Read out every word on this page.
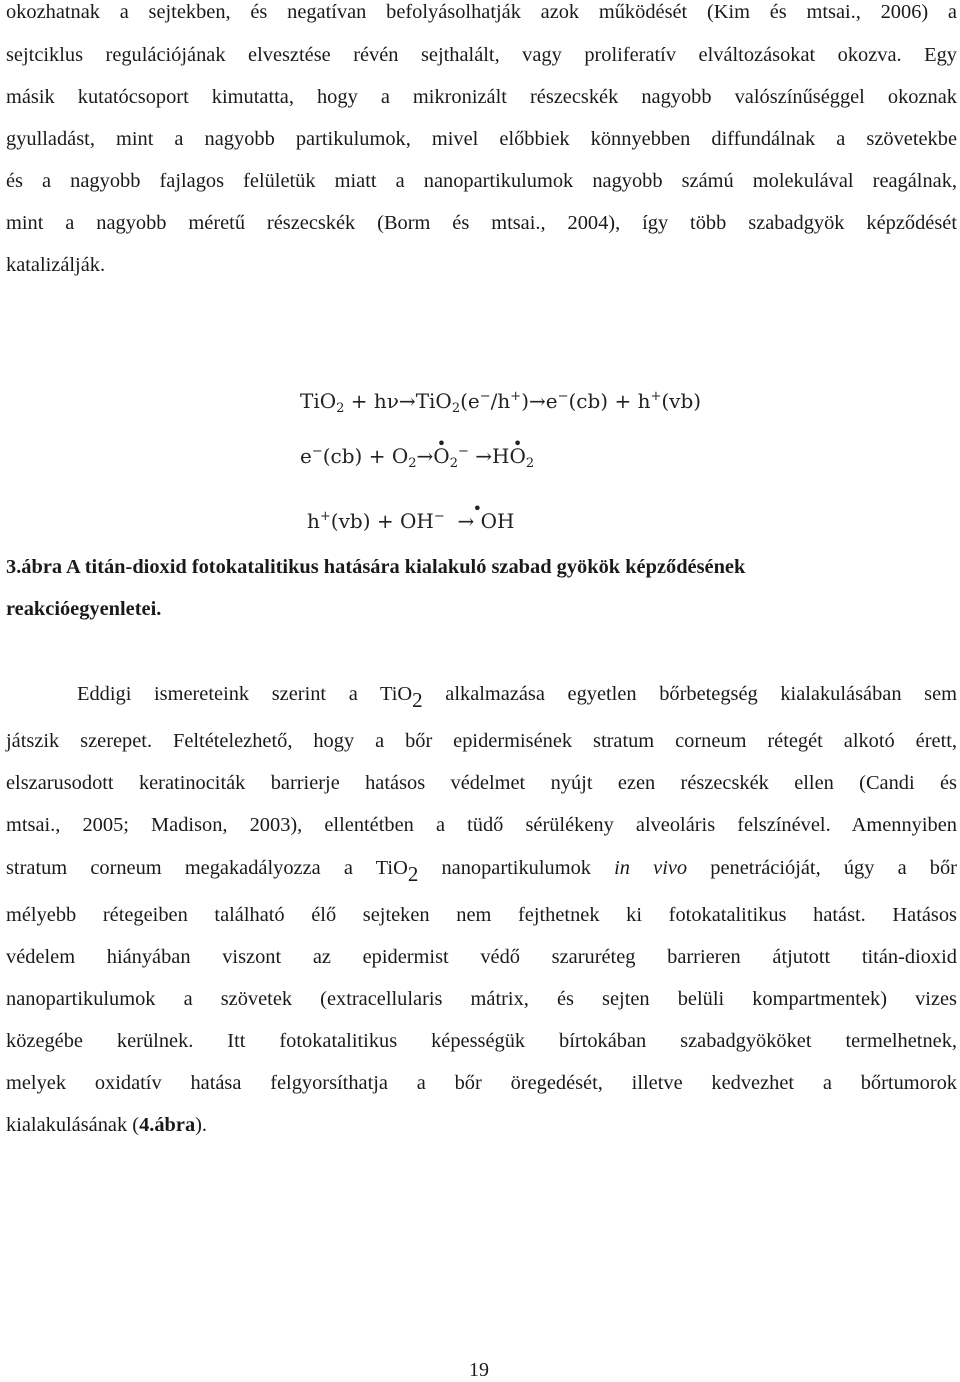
okozhatnak a sejtekben, és negatívan befolyásolhatják azok működését (Kim és mtsai., 2006) a
sejtciklus regulációjának elvesztése révén sejthalált, vagy proliferatív elváltozásokat okozva. Egy
másik kutatócsoport kimutatta, hogy a mikronizált részecskék nagyobb valószínűséggel okoznak
gyulladást, mint a nagyobb partikulumok, mivel előbbiek könnyebben diffundálnak a szövetekbe
és a nagyobb fajlagos felületük miatt a nanopartikulumok nagyobb számú molekulával reagálnak,
mint a nagyobb méretű részecskék (Borm és mtsai., 2004), így több szabadgyök képződését
katalizálják.
TiO$_2$ + hν→TiO$_2$(e−/h+)→e−(cb) + h+(vb)
$e^-(cb) + O_2\to•$ $O_2^-$ →H• $O_2$
h+(vb) + OH−  →• OH
3.ábra A titán-dioxid fotokatalitikus hatására kialakuló szabad gyökök képződésének
reakcióegyenletei.
Eddigi ismereteink szerint a TiO2 alkalmazása egyetlen bőrbetegség kialakulásában sem
játszik szerepet. Feltételezhető, hogy a bőr epidermisének stratum corneum rétegét alkotó érett,
elszarusodott keratinociták barrierje hatásos védelmet nyújt ezen részecskék ellen (Candi és
mtsai., 2005; Madison, 2003), ellentétben a tüdő sérülékeny alveoláris felszínével. Amennyiben
stratum corneum megakadályozza a TiO2 nanopartikulumok in vivo penetrációját, úgy a bőr
mélyebb rétegeiben található élő sejteken nem fejthetnek ki fotokatalitikus hatást. Hatásos
védelem hiányában viszont az epidermist védő szaruréteg barrieren átjutott titán-dioxid
nanopartikulumok a szövetek (extracellularis mátrix, és sejten belüli kompartmentek) vizes
közegébe kerülnek. Itt fotokatalitikus képességük bírtokában szabadgyököket termelhetnek,
melyek oxidatív hatása felgyorsíthatja a bőr öregedését, illetve kedvezhet a bőrtumorok
kialakulásának (4.ábra).
19
